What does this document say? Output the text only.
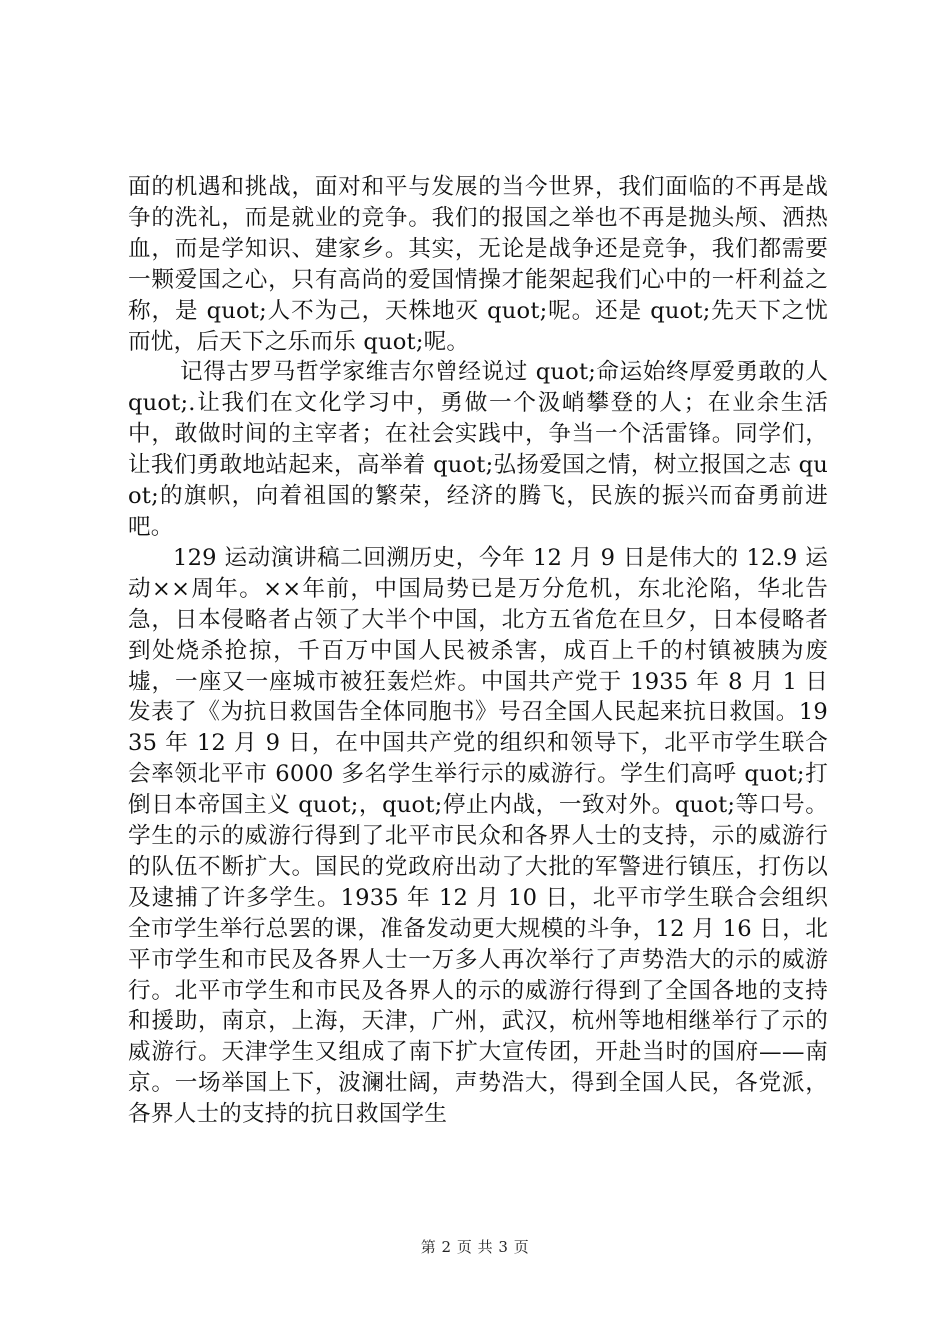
面的机遇和挑战，面对和平与发展的当今世界，我们面临的不再是战争的洗礼，而是就业的竞争。我们的报国之举也不再是抛头颅、洒热血，而是学知识、建家乡。其实，无论是战争还是竞争，我们都需要一颗爱国之心，只有高尚的爱国情操才能架起我们心中的一杆利益之称，是 quot;人不为己，天株地灭 quot;呢。还是 quot;先天下之忧而忧，后天下之乐而乐 quot;呢。

记得古罗马哲学家维吉尔曾经说过 quot;命运始终厚爱勇敢的人 quot;.让我们在文化学习中，勇做一个汲峭攀登的人；在业余生活中，敢做时间的主宰者；在社会实践中，争当一个活雷锋。同学们，让我们勇敢地站起来，高举着 quot;弘扬爱国之情，树立报国之志 quot;的旗帜，向着祖国的繁荣，经济的腾飞，民族的振兴而奋勇前进吧。

129 运动演讲稿二回溯历史，今年 12 月 9 日是伟大的 12.9 运动××周年。××年前，中国局势已是万分危机，东北沦陷，华北告急，日本侵略者占领了大半个中国，北方五省危在旦夕，日本侵略者到处烧杀抢掠，千百万中国人民被杀害，成百上千的村镇被胰为废墟，一座又一座城市被狂轰烂炸。中国共产党于 1935 年 8 月 1 日发表了《为抗日救国告全体同胞书》号召全国人民起来抗日救国。1935 年 12 月 9 日，在中国共产党的组织和领导下，北平市学生联合会率领北平市 6000 多名学生举行示的威游行。学生们高呼 quot;打倒日本帝国主义 quot;，quot;停止内战，一致对外。quot;等口号。学生的示的威游行得到了北平市民众和各界人士的支持，示的威游行的队伍不断扩大。国民的党政府出动了大批的军警进行镇压，打伤以及逮捕了许多学生。1935 年 12 月 10 日，北平市学生联合会组织全市学生举行总罢的课，准备发动更大规模的斗争，12 月 16 日，北平市学生和市民及各界人士一万多人再次举行了声势浩大的示的威游行。北平市学生和市民及各界人的示的威游行得到了全国各地的支持和援助，南京，上海，天津，广州，武汉，杭州等地相继举行了示的威游行。天津学生又组成了南下扩大宣传团，开赴当时的国府——南京。一场举国上下，波澜壮阔，声势浩大，得到全国人民，各党派，各界人士的支持的抗日救国学生

第 2 页 共 3 页
